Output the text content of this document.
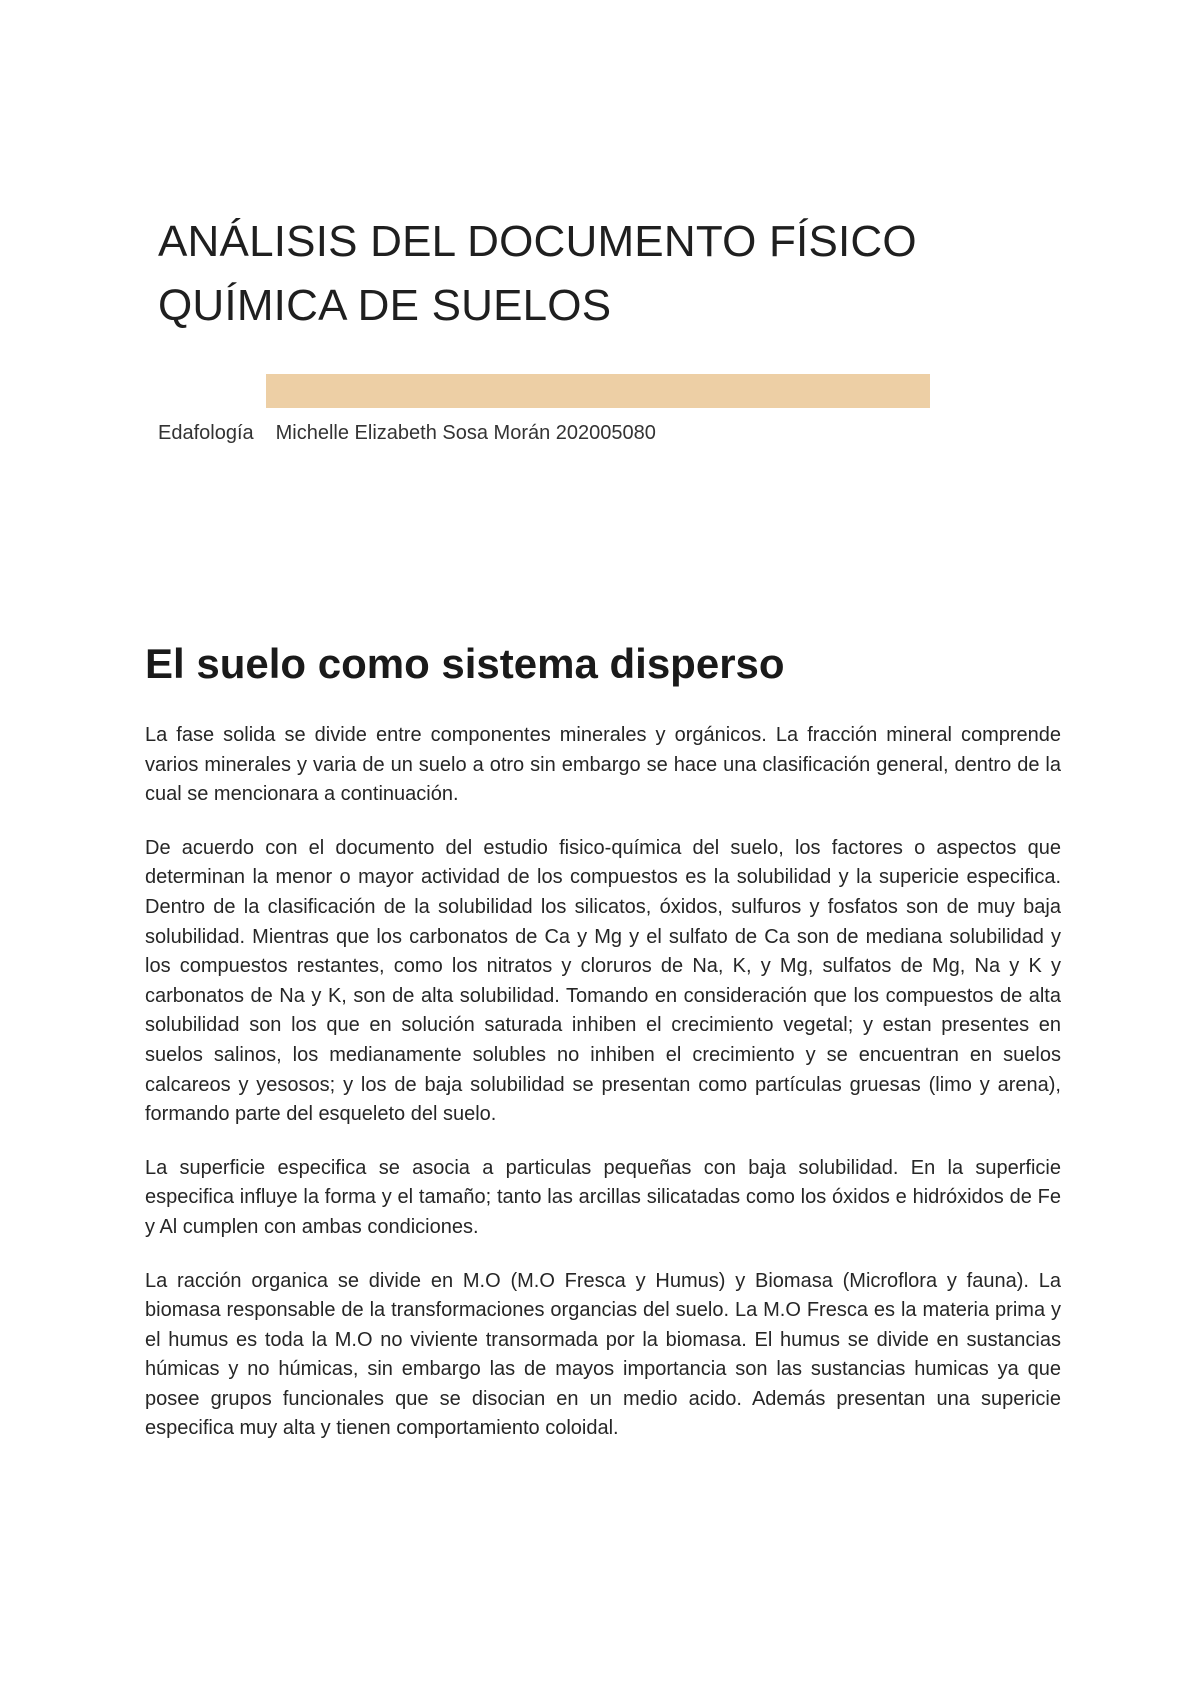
ANÁLISIS DEL DOCUMENTO FÍSICO
QUÍMICA DE SUELOS
Edafología Michelle Elizabeth Sosa Morán 202005080
El suelo como sistema disperso

La fase solida se divide entre componentes minerales y orgánicos. La fracción mineral comprende varios minerales y varia de un suelo a otro sin embargo se hace una clasificación general, dentro de la cual se mencionara a continuación.

De acuerdo con el documento del estudio fisico-química del suelo, los factores o aspectos que determinan la menor o mayor actividad de los compuestos es la solubilidad y la supericie especifica. Dentro de la clasificación de la solubilidad los silicatos, óxidos, sulfuros y fosfatos son de muy baja solubilidad. Mientras que los carbonatos de Ca y Mg y el sulfato de Ca son de mediana solubilidad y los compuestos restantes, como los nitratos y cloruros de Na, K, y Mg, sulfatos de Mg, Na y K y carbonatos de Na y K, son de alta solubilidad. Tomando en consideración que los compuestos de alta solubilidad son los que en solución saturada inhiben el crecimiento vegetal; y estan presentes en suelos salinos, los medianamente solubles no inhiben el crecimiento y se encuentran en suelos calcareos y yesosos; y los de baja solubilidad se presentan como partículas gruesas (limo y arena), formando parte del esqueleto del suelo.

La superficie especifica se asocia a particulas pequeñas con baja solubilidad. En la superficie especifica influye la forma y el tamaño; tanto las arcillas silicatadas como los óxidos e hidróxidos de Fe y Al cumplen con ambas condiciones.

La racción organica se divide en M.O (M.O Fresca y Humus) y Biomasa (Microflora y fauna). La biomasa responsable de la transformaciones organcias del suelo. La M.O Fresca es la materia prima y el humus es toda la M.O no viviente transormada por la biomasa. El humus se divide en sustancias húmicas y no húmicas, sin embargo las de mayos importancia son las sustancias humicas ya que posee grupos funcionales que se disocian en un medio acido. Además presentan una supericie especifica muy alta y tienen comportamiento coloidal.
